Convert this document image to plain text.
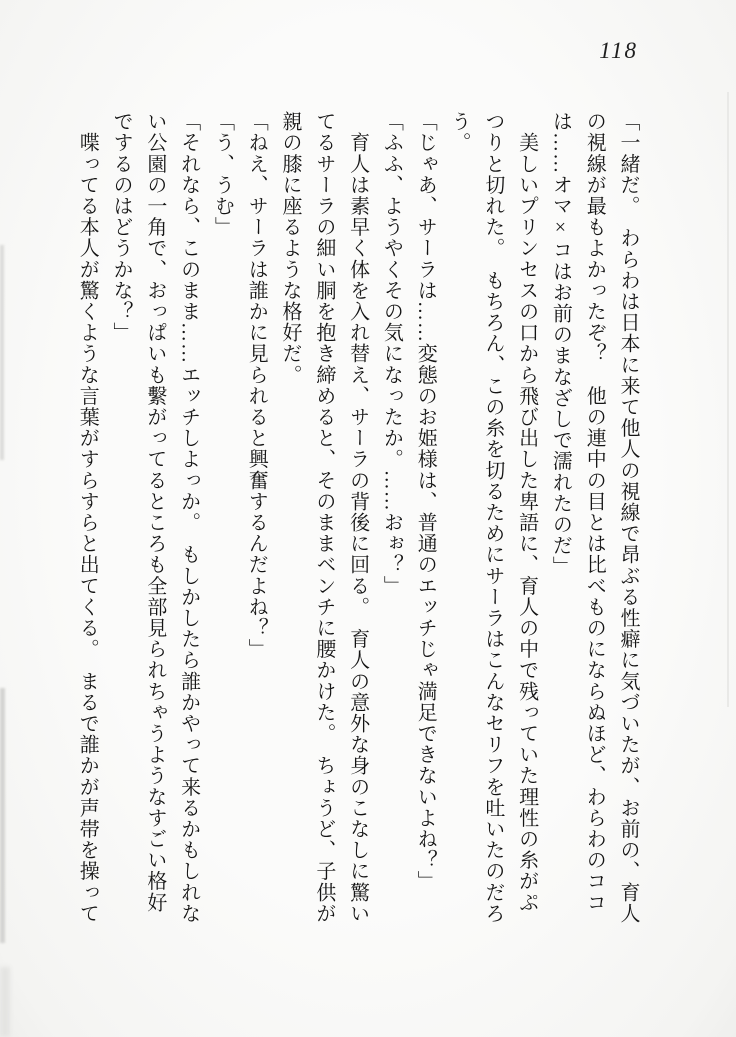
118

「一緒だ。　わらわは日本に来て他人の視線で昂ぶる性癖に気づいたが、お前の、育人

の視線が最もよかったぞ？　他の連中の目とは比べものにならぬほど、わらわのココ

は……オマ×コはお前のまなざしで濡れたのだ」

　美しいプリンセスの口から飛び出した卑語に、育人の中で残っていた理性の糸がぷ

つりと切れた。　もちろん、この糸を切るためにサーラはこんなセリフを吐いたのだろ

う。

「じゃあ、サーラは……変態のお姫様は、普通のエッチじゃ満足できないよね？」

「ふふ、ようやくその気になったか。……おぉ？」

　育人は素早く体を入れ替え、サーラの背後に回る。　育人の意外な身のこなしに驚い

てるサーラの細い胴を抱き締めると、そのままベンチに腰かけた。　ちょうど、子供が

親の膝に座るような格好だ。

「ねえ、サーラは誰かに見られると興奮するんだよね？」

「う、うむ」

「それなら、このまま……エッチしよっか。　もしかしたら誰かやって来るかもしれな

い公園の一角で、おっぱいも繫がってるところも全部見られちゃうようなすごい格好

でするのはどうかな？」

　喋ってる本人が驚くような言葉がすらすらと出てくる。　まるで誰かが声帯を操って
